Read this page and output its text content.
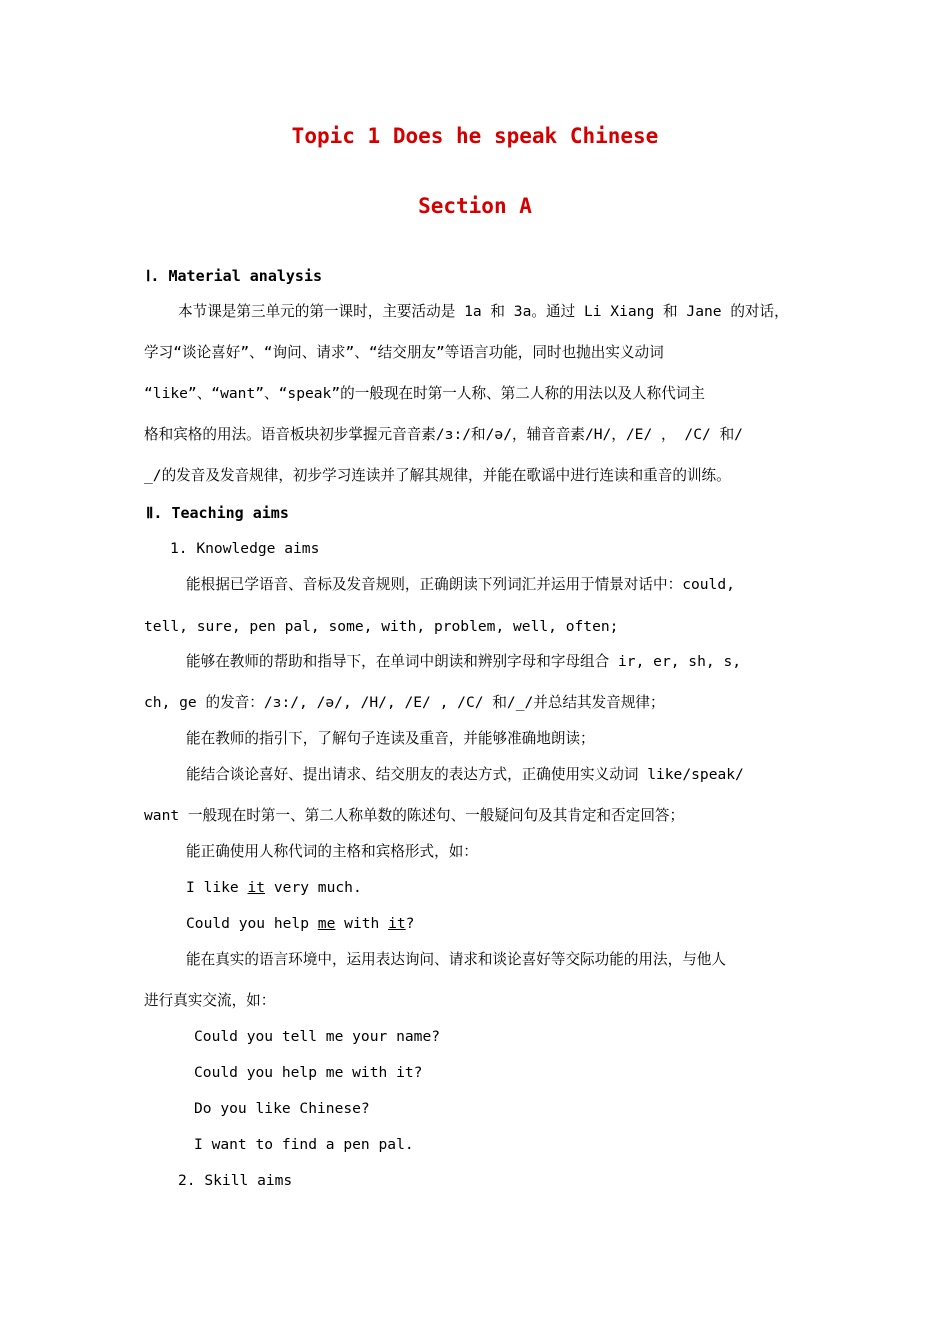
Topic 1 Does he speak Chinese
Section A
Ⅰ. Material analysis
本节课是第三单元的第一课时，主要活动是 1a 和 3a。通过 Li Xiang 和 Jane 的对话，
学习“谈论喜好”、“询问、请求”、“结交朋友”等语言功能，同时也抛出实义动词
“like”、“want”、“speak”的一般现在时第一人称、第二人称的用法以及人称代词主
格和宾格的用法。语音板块初步掌握元音音素/ɜ:/和/ə/，辅音音素/H/，/E/ ， /C/ 和/
_/的发音及发音规律，初步学习连读并了解其规律，并能在歌谣中进行连读和重音的训练。
Ⅱ. Teaching aims
1. Knowledge aims
能根据已学语音、音标及发音规则，正确朗读下列词汇并运用于情景对话中：could,
tell, sure, pen pal, some, with, problem, well, often;
能够在教师的帮助和指导下，在单词中朗读和辨别字母和字母组合 ir, er, sh, s,
ch, ge 的发音：/ɜ:/, /ə/, /H/, /E/ , /C/ 和/_/并总结其发音规律；
能在教师的指引下，了解句子连读及重音，并能够准确地朗读；
能结合谈论喜好、提出请求、结交朋友的表达方式，正确使用实义动词 like/speak/
want 一般现在时第一、第二人称单数的陈述句、一般疑问句及其肯定和否定回答；
能正确使用人称代词的主格和宾格形式，如：
I like it very much.
Could you help me with it?
能在真实的语言环境中，运用表达询问、请求和谈论喜好等交际功能的用法，与他人
进行真实交流，如：
Could you tell me your name?
Could you help me with it?
Do you like Chinese?
I want to find a pen pal.
2. Skill aims
